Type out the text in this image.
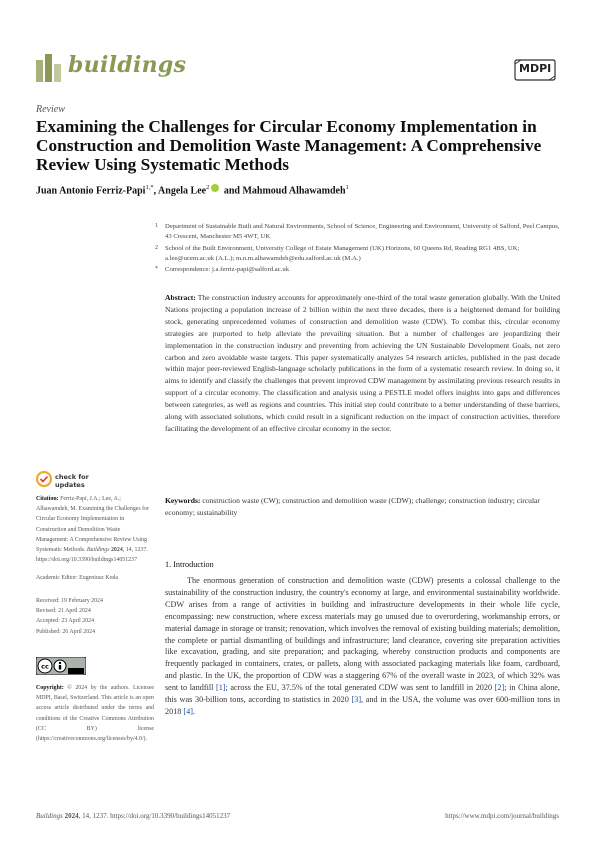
buildings	MDPI
Review
Examining the Challenges for Circular Economy Implementation in Construction and Demolition Waste Management: A Comprehensive Review Using Systematic Methods
Juan Antonio Ferriz-Papi$^{1,*}$, Angela Lee$^2$ and Mahmoud Alhawamdeh$^1$
1 Department of Sustainable Built and Natural Environments, School of Science, Engineering and Environment, University of Salford, Peel Campus, 43 Crescent, Manchester M5 4WT, UK
2 School of the Built Environment, University College of Estate Management (UK) Horizons, 60 Queens Rd, Reading RG1 4BS, UK; a.lee@ucem.ac.uk (A.L.); m.n.m.alhawamdeh@edu.salford.ac.uk (M.A.)
* Correspondence: j.a.ferriz-papi@salford.ac.uk
Abstract: The construction industry accounts for approximately one-third of the total waste generation globally. With the United Nations projecting a population increase of 2 billion within the next three decades, there is a heightened demand for building stock, generating unprecedented volumes of construction and demolition waste (CDW). To combat this, circular economy strategies are purported to help alleviate the prevailing situation. But a number of challenges are jeopardizing their implementation in the construction industry and preventing from achieving the UN Sustainable Development Goals, net zero carbon and zero avoidable waste targets. This paper systematically analyzes 54 research articles, published in the past decade within major peer-reviewed English-language scholarly publications in the form of a systematic research review. In doing so, it aims to identify and classify the challenges that prevent improved CDW management by assimilating previous research results in support of a circular economy. The classification and analysis using a PESTLE model offers insights into gaps and differences between categories, as well as regions and countries. This initial step could contribute to a better understanding of these barriers, along with associated solutions, which could result in a significant reduction on the impact of construction activities, therefore facilitating the development of an effective circular economy in the sector.
Keywords: construction waste (CW); construction and demolition waste (CDW); challenge; construction industry; circular economy; sustainability
check for
updates
Citation: Ferriz-Papi, J.A.; Lee, A.; Alhawamdeh, M. Examining the Challenges for Circular Economy Implementation in Construction and Demolition Waste Management: A Comprehensive Review Using Systematic Methods. Buildings 2024, 14, 1237. https://doi.org/10.3390/buildings14051237
Academic Editor: Eugeniusz Koda
Received: 19 February 2024
Revised: 21 April 2024
Accepted: 23 April 2024
Published: 26 April 2024
cc
Copyright: © 2024 by the authors. Licensee MDPI, Basel, Switzerland. This article is an open access article distributed under the terms and conditions of the Creative Commons Attribution (CC BY) license (https://creativecommons.org/licenses/by/4.0/).
1. Introduction

The enormous generation of construction and demolition waste (CDW) presents a colossal challenge to the sustainability of the construction industry, the country's economy at large, and environmental sustainability worldwide. CDW arises from a range of activities in building and infrastructure developments in their whole life cycle, encompassing: new construction, where excess materials may go unused due to overordering, workmanship errors, or material damage in storage or transit; renovation, which involves the removal of existing building materials; demolition, the complete or partial dismantling of buildings and infrastructure; land clearance, covering site preparation activities like excavation, grading, and site preparation; and packaging, whereby construction products and components are frequently packaged in containers, crates, or pallets, along with associated packaging materials like foam, cardboard, and plastic. In the UK, the proportion of CDW was a staggering 67% of the overall waste in 2023, of which 32% was sent to landfill [1]; across the EU, 37.5% of the total generated CDW was sent to landfill in 2020 [2]; in China alone, this was 30-billion tons, according to statistics in 2020 [3], and in the USA, the volume was over 600-million tons in 2018 [4].

Buildings 2024, 14, 1237. https://doi.org/10.3390/buildings14051237	https://www.mdpi.com/journal/buildings
